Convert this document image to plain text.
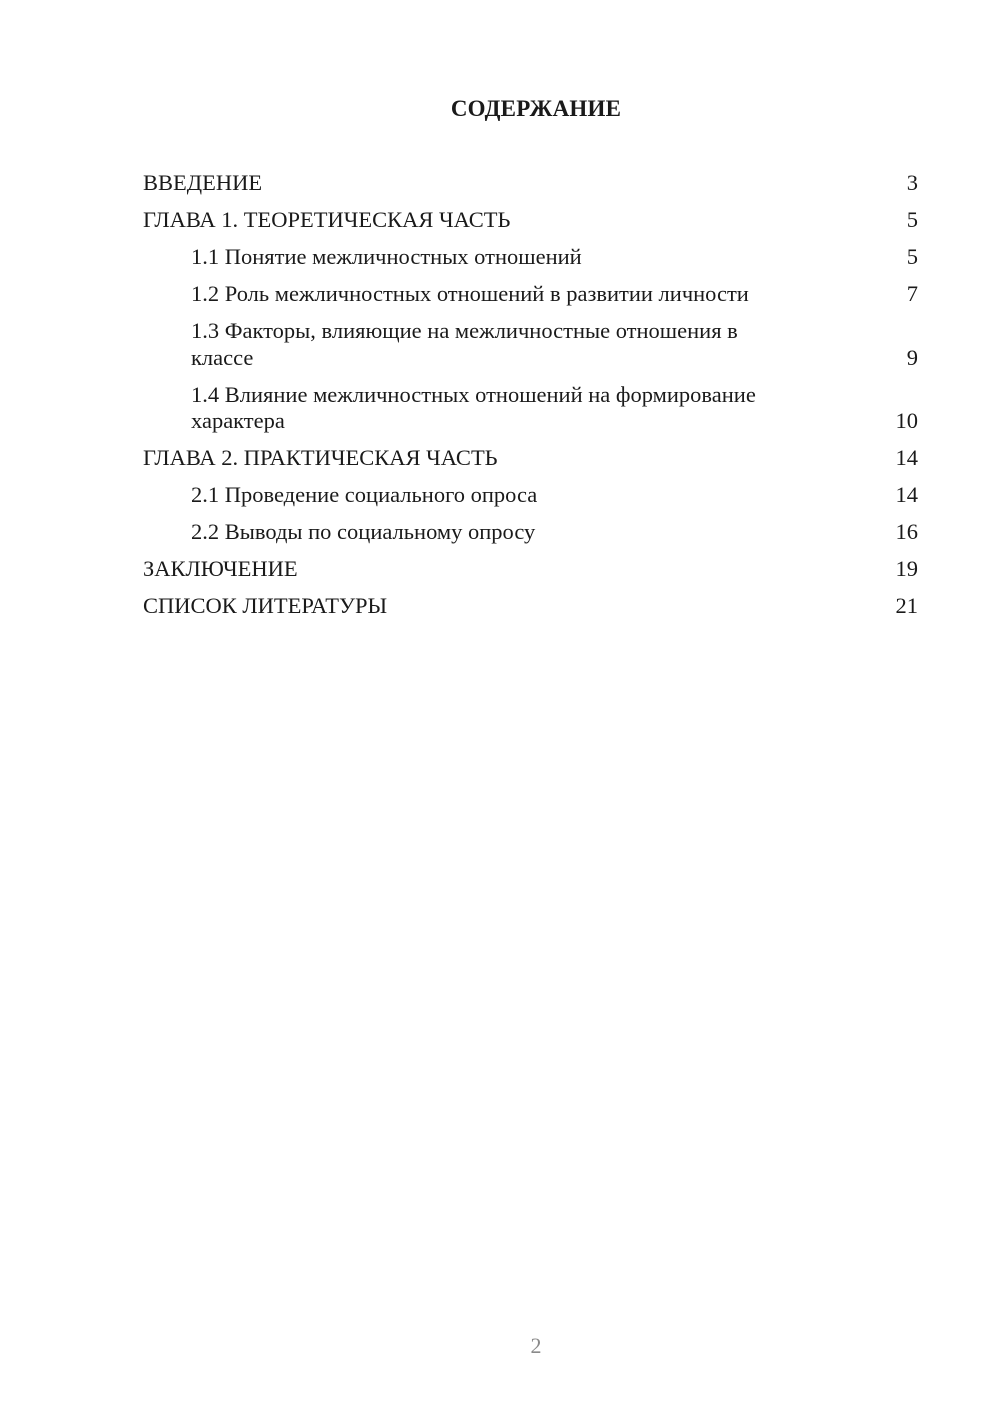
СОДЕРЖАНИЕ
ВВЕДЕНИЕ	3
ГЛАВА 1. ТЕОРЕТИЧЕСКАЯ ЧАСТЬ	5
1.1 Понятие межличностных отношений	5
1.2 Роль межличностных отношений в развитии личности	7
1.3 Факторы, влияющие на межличностные отношения в классе	9
1.4 Влияние межличностных отношений на формирование характера	10
ГЛАВА 2. ПРАКТИЧЕСКАЯ ЧАСТЬ	14
2.1 Проведение социального опроса	14
2.2 Выводы по социальному опросу	16
ЗАКЛЮЧЕНИЕ	19
СПИСОК ЛИТЕРАТУРЫ	21
2
